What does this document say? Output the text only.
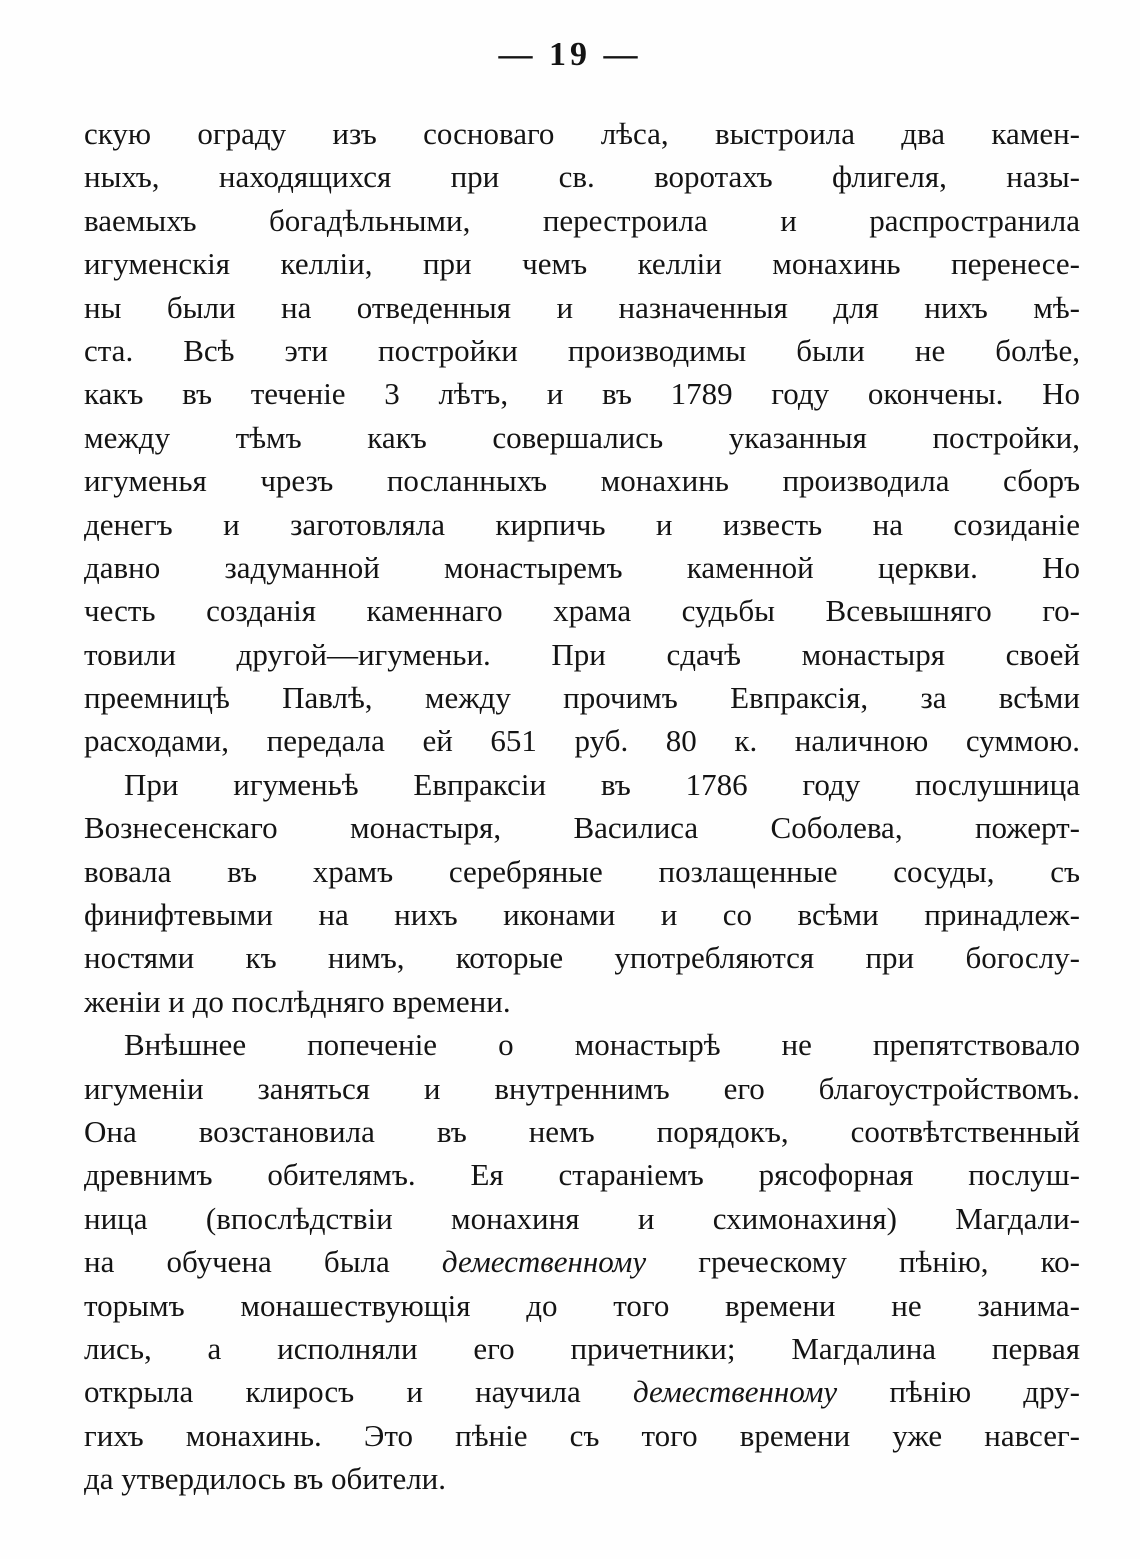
— 19 —
скую ограду изъ сосноваго лѣса, выстроила два камен-
ныхъ, находящихся при св. воротахъ флигеля, назы-
ваемыхъ богадѣльными, перестроила и распространила
игуменскія келліи, при чемъ келліи монахинь перенесе-
ны были на отведенныя и назначенныя для нихъ мѣ-
ста. Всѣ эти постройки производимы были не болѣе,
какъ въ теченіе 3 лѣтъ, и въ 1789 году окончены. Но
между тѣмъ какъ совершались указанныя постройки,
игуменья чрезъ посланныхъ монахинь производила сборъ
денегъ и заготовляла кирпичь и известь на созиданіе
давно задуманной монастыремъ каменной церкви. Но
честь созданія каменнаго храма судьбы Всевышняго го-
товили другой—игуменьи. При сдачѣ монастыря своей
преемницѣ Павлѣ, между прочимъ Евпраксія, за всѣми
расходами, передала ей 651 руб. 80 к. наличною суммою.
При игуменьѣ Евпраксіи въ 1786 году послушница
Вознесенскаго монастыря, Василиса Соболева, пожерт-
вовала въ храмъ серебряные позлащенные сосуды, съ
финифтевыми на нихъ иконами и со всѣми принадлеж-
ностями къ нимъ, которые употребляются при богослу-
женіи и до послѣдняго времени.
Внѣшнее попеченіе о монастырѣ не препятствовало
игуменіи заняться и внутреннимъ его благоустройствомъ.
Она возстановила въ немъ порядокъ, соотвѣтственный
древнимъ обителямъ. Ея стараніемъ рясофорная послуш-
ница (впослѣдствіи монахиня и схимонахиня) Магдали-
на обучена была демественному греческому пѣнію, ко-
торымъ монашествующія до того времени не занима-
лись, а исполняли его причетники; Магдалина первая
открыла клиросъ и научила демественному пѣнію дру-
гихъ монахинь. Это пѣніе съ того времени уже навсег-
да утвердилось въ обители.
